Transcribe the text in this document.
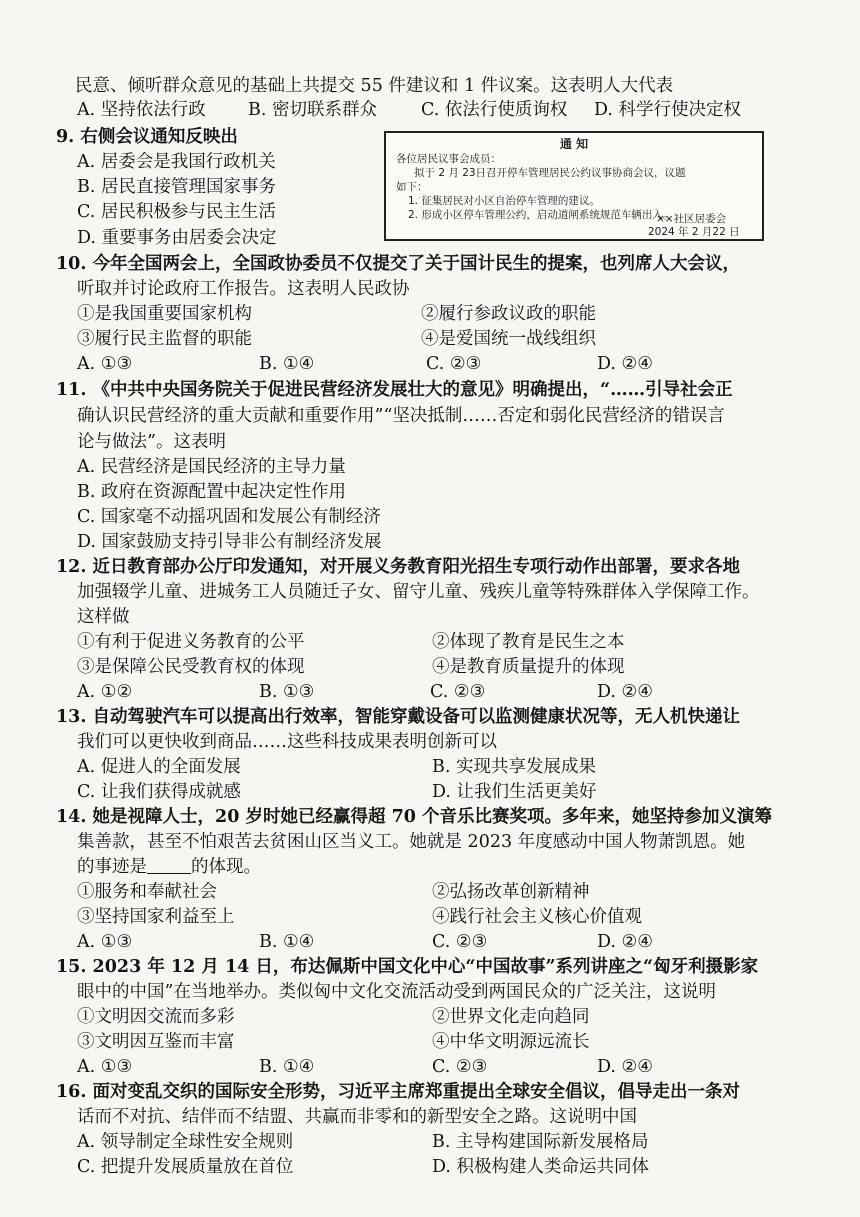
民意、倾听群众意见的基础上共提交 55 件建议和 1 件议案。这表明人大代表
A. 坚持依法行政 B. 密切联系群众	C. 依法行使质询权 D. 科学行使决定权
9. 右侧会议通知反映出
A. 居委会是我国行政机关
B. 居民直接管理国家事务
C. 居民积极参与民主生活
D. 重要事务由居委会决定
通 知
各位居民议事会成员：
拟于 2 月 23日召开停车管理居民公约议事协商会议，议题
如下：
1. 征集居民对小区自治停车管理的建议。
2. 形成小区停车管理公约，启动道闸系统规范车辆出入。
××社区居委会
2024 年 2 月22 日
10. 今年全国两会上，全国政协委员不仅提交了关于国计民生的提案，也列席人大会议，
听取并讨论政府工作报告。这表明人民政协
①是我国重要国家机构	②履行参政议政的职能
③履行民主监督的职能	④是爱国统一战线组织
A. ①③	B. ①④	C. ②③	D. ②④
11. 《中共中央国务院关于促进民营经济发展壮大的意见》明确提出，“……引导社会正
确认识民营经济的重大贡献和重要作用”“坚决抵制……否定和弱化民营经济的错误言
论与做法”。这表明
A. 民营经济是国民经济的主导力量
B. 政府在资源配置中起决定性作用
C. 国家毫不动摇巩固和发展公有制经济
D. 国家鼓励支持引导非公有制经济发展
12. 近日教育部办公厅印发通知，对开展义务教育阳光招生专项行动作出部署，要求各地
加强辍学儿童、进城务工人员随迁子女、留守儿童、残疾儿童等特殊群体入学保障工作。
这样做
①有利于促进义务教育的公平	②体现了教育是民生之本
③是保障公民受教育权的体现	④是教育质量提升的体现
A. ①②	B. ①③	C. ②③	D. ②④
13. 自动驾驶汽车可以提高出行效率，智能穿戴设备可以监测健康状况等，无人机快递让
我们可以更快收到商品……这些科技成果表明创新可以
A. 促进人的全面发展	B. 实现共享发展成果
C. 让我们获得成就感	D. 让我们生活更美好
14. 她是视障人士，20 岁时她已经赢得超 70 个音乐比赛奖项。多年来，她坚持参加义演筹
集善款，甚至不怕艰苦去贫困山区当义工。她就是 2023 年度感动中国人物萧凯恩。她
的事迹是	的体现。
①服务和奉献社会	②弘扬改革创新精神
③坚持国家利益至上	④践行社会主义核心价值观
A. ①③	B. ①④	C. ②③	D. ②④
15. 2023 年 12 月 14 日，布达佩斯中国文化中心“中国故事”系列讲座之“匈牙利摄影家
眼中的中国”在当地举办。类似匈中文化交流活动受到两国民众的广泛关注，这说明
①文明因交流而多彩	②世界文化走向趋同
③文明因互鉴而丰富	④中华文明源远流长
A. ①③	B. ①④	C. ②③	D. ②④
16. 面对变乱交织的国际安全形势，习近平主席郑重提出全球安全倡议，倡导走出一条对
话而不对抗、结伴而不结盟、共赢而非零和的新型安全之路。这说明中国
A. 领导制定全球性安全规则	B. 主导构建国际新发展格局
C. 把提升发展质量放在首位	D. 积极构建人类命运共同体
